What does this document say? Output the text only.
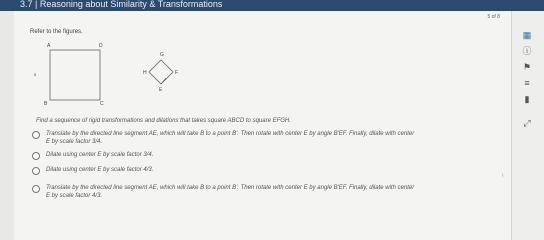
3.7 | Reasoning about Similarity & Transformations
5 of 8
Refer to the figures.
A	D
B	C
5
G
H	F
E
Find a sequence of rigid transformations and dilations that takes square ABCD to square EFGH.
Translate by the directed line segment AE, which will take B to a point B'. Then rotate with center E by angle B'EF. Finally, dilate with center
E by scale factor 3/4.
Dilate using center E by scale factor 3/4.
Dilate using center E by scale factor 4/3.
Translate by the directed line segment AE, which will take B to a point B'. Then rotate with center E by angle B'EF. Finally, dilate with center
E by scale factor 4/3.
‹
▦
ⓘ
⚑
≡
▮
⤢
